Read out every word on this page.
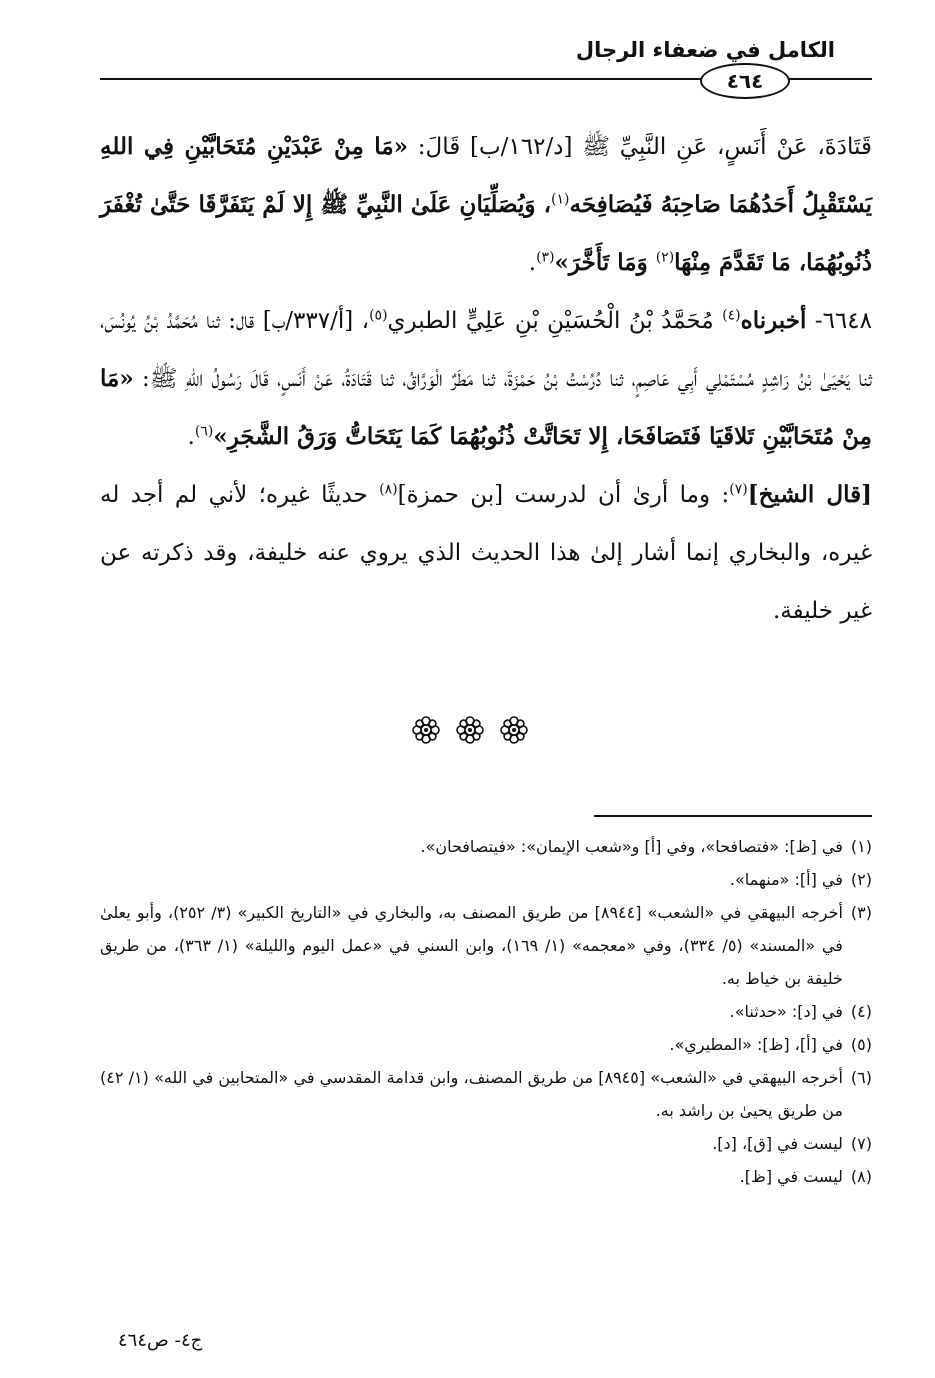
الكامل في ضعفاء الرجال
٤٦٤

قَتَادَةَ، عَنْ أَنَسٍ، عَنِ النَّبِيِّ ﷺ [د/١٦٢/ب] قَالَ: «مَا مِنْ عَبْدَيْنِ مُتَحَابَّيْنِ فِي اللهِ يَسْتَقْبِلُ أَحَدُهُمَا صَاحِبَهُ فَيُصَافِحَه$^{(١)}$، وَيُصَلِّيَانِ عَلَىٰ النَّبِيِّ ﷺ إِلا لَمْ يَتَفَرَّقَا حَتَّىٰ تُغْفَرَ ذُنُوبُهُمَا، مَا تَقَدَّمَ مِنْهَا$^{(٢)}$ وَمَا تَأَخَّرَ»$^{(٣)}$.

٦٦٤٨- أخبرناه$^{(٤)}$ مُحَمَّدُ بْنُ الْحُسَيْنِ بْنِ عَلِيٍّ الطبري$^{(٥)}$، [أ/٣٣٧/ب] قال: ثنا مُحَمَّدُ بْنُ يُونُسَ، ثنا يَحْيَىٰ بْنُ رَاشِدٍ مُسْتَمْلِي أَبِي عَاصِمٍ، ثنا دُرُسْتُ بْنُ حَمْزَةَ، ثنا مَطَرٌ الْوَرَّاقُ، ثنا قَتَادَةُ، عَنْ أَنَسٍ، قَالَ رَسُولُ اللهِ ﷺ: «مَا مِنْ مُتَحَابَّيْنِ تَلاقَيَا فَتَصَافَحَا، إِلا تَحَاتَّتْ ذُنُوبُهُمَا كَمَا يَتَحَاتُّ وَرَقُ الشَّجَرِ»$^{(٦)}$.

[قال الشيخ]$^{(٧)}$: وما أرىٰ أن لدرست [بن حمزة]$^{(٨)}$ حديثًا غيره؛ لأني لم أجد له غيره، والبخاري إنما أشار إلىٰ هذا الحديث الذي يروي عنه خليفة، وقد ذكرته عن غير خليفة.

(١)
في [ظ]: «فتصافحا»، وفي [أ] و«شعب الإيمان»: «فيتصافحان».
(٢)
في [أ]: «منهما».
(٣)
أخرجه البيهقي في «الشعب» [٨٩٤٤] من طريق المصنف به، والبخاري في «التاريخ الكبير» (٣/ ٢٥٢)، وأبو يعلىٰ في «المسند» (٥/ ٣٣٤)، وفي «معجمه» (١/ ١٦٩)، وابن السني في «عمل اليوم والليلة» (١/ ٣٦٣)، من طريق خليفة بن خياط به.
(٤)
في [د]: «حدثنا».
(٥)
في [أ]، [ظ]: «المطيري».
(٦)
أخرجه البيهقي في «الشعب» [٨٩٤٥] من طريق المصنف، وابن قدامة المقدسي في «المتحابين في الله» (١/ ٤٢) من طريق يحيىٰ بن راشد به.
(٧)
ليست في [ق]، [د].
(٨)
ليست في [ظ].
ج٤- ص٤٦٤
